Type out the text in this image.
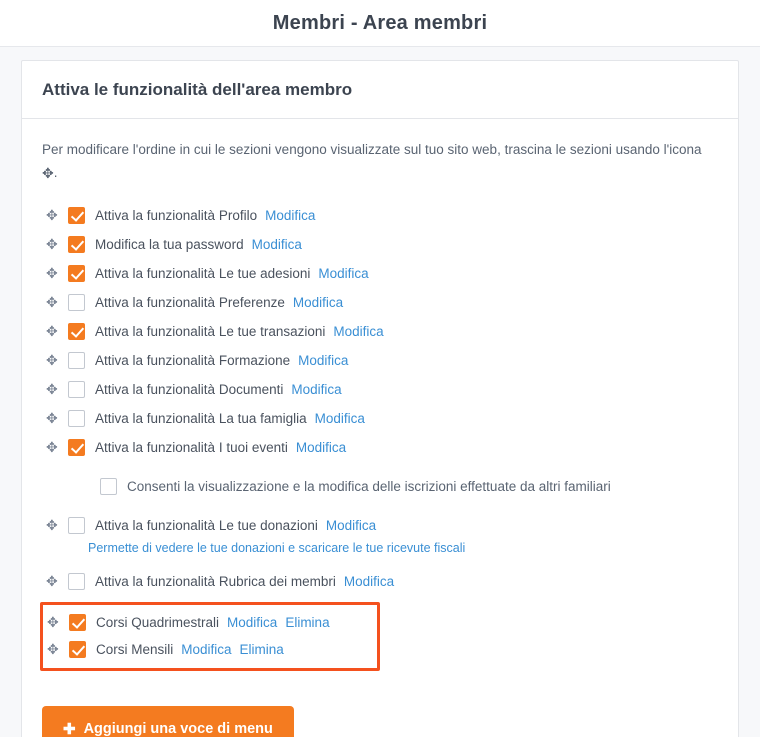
Membri - Area membri
Attiva le funzionalità dell'area membro

Per modificare l'ordine in cui le sezioni vengono visualizzate sul tuo sito web, trascina le sezioni usando l'icona ✥.

✥	Attiva la funzionalità Profilo Modifica
✥	Modifica la tua password Modifica
✥	Attiva la funzionalità Le tue adesioni Modifica
✥	Attiva la funzionalità Preferenze Modifica
✥	Attiva la funzionalità Le tue transazioni Modifica
✥	Attiva la funzionalità Formazione Modifica
✥	Attiva la funzionalità Documenti Modifica
✥	Attiva la funzionalità La tua famiglia Modifica
✥	Attiva la funzionalità I tuoi eventi Modifica
Consenti la visualizzazione e la modifica delle iscrizioni effettuate da altri familiari
✥	Attiva la funzionalità Le tue donazioni Modifica
Permette di vedere le tue donazioni e scaricare le tue ricevute fiscali
✥	Attiva la funzionalità Rubrica dei membri Modifica
✥	Corsi Quadrimestrali Modifica Elimina
✥	Corsi Mensili Modifica Elimina
✚ Aggiungi una voce di menu
